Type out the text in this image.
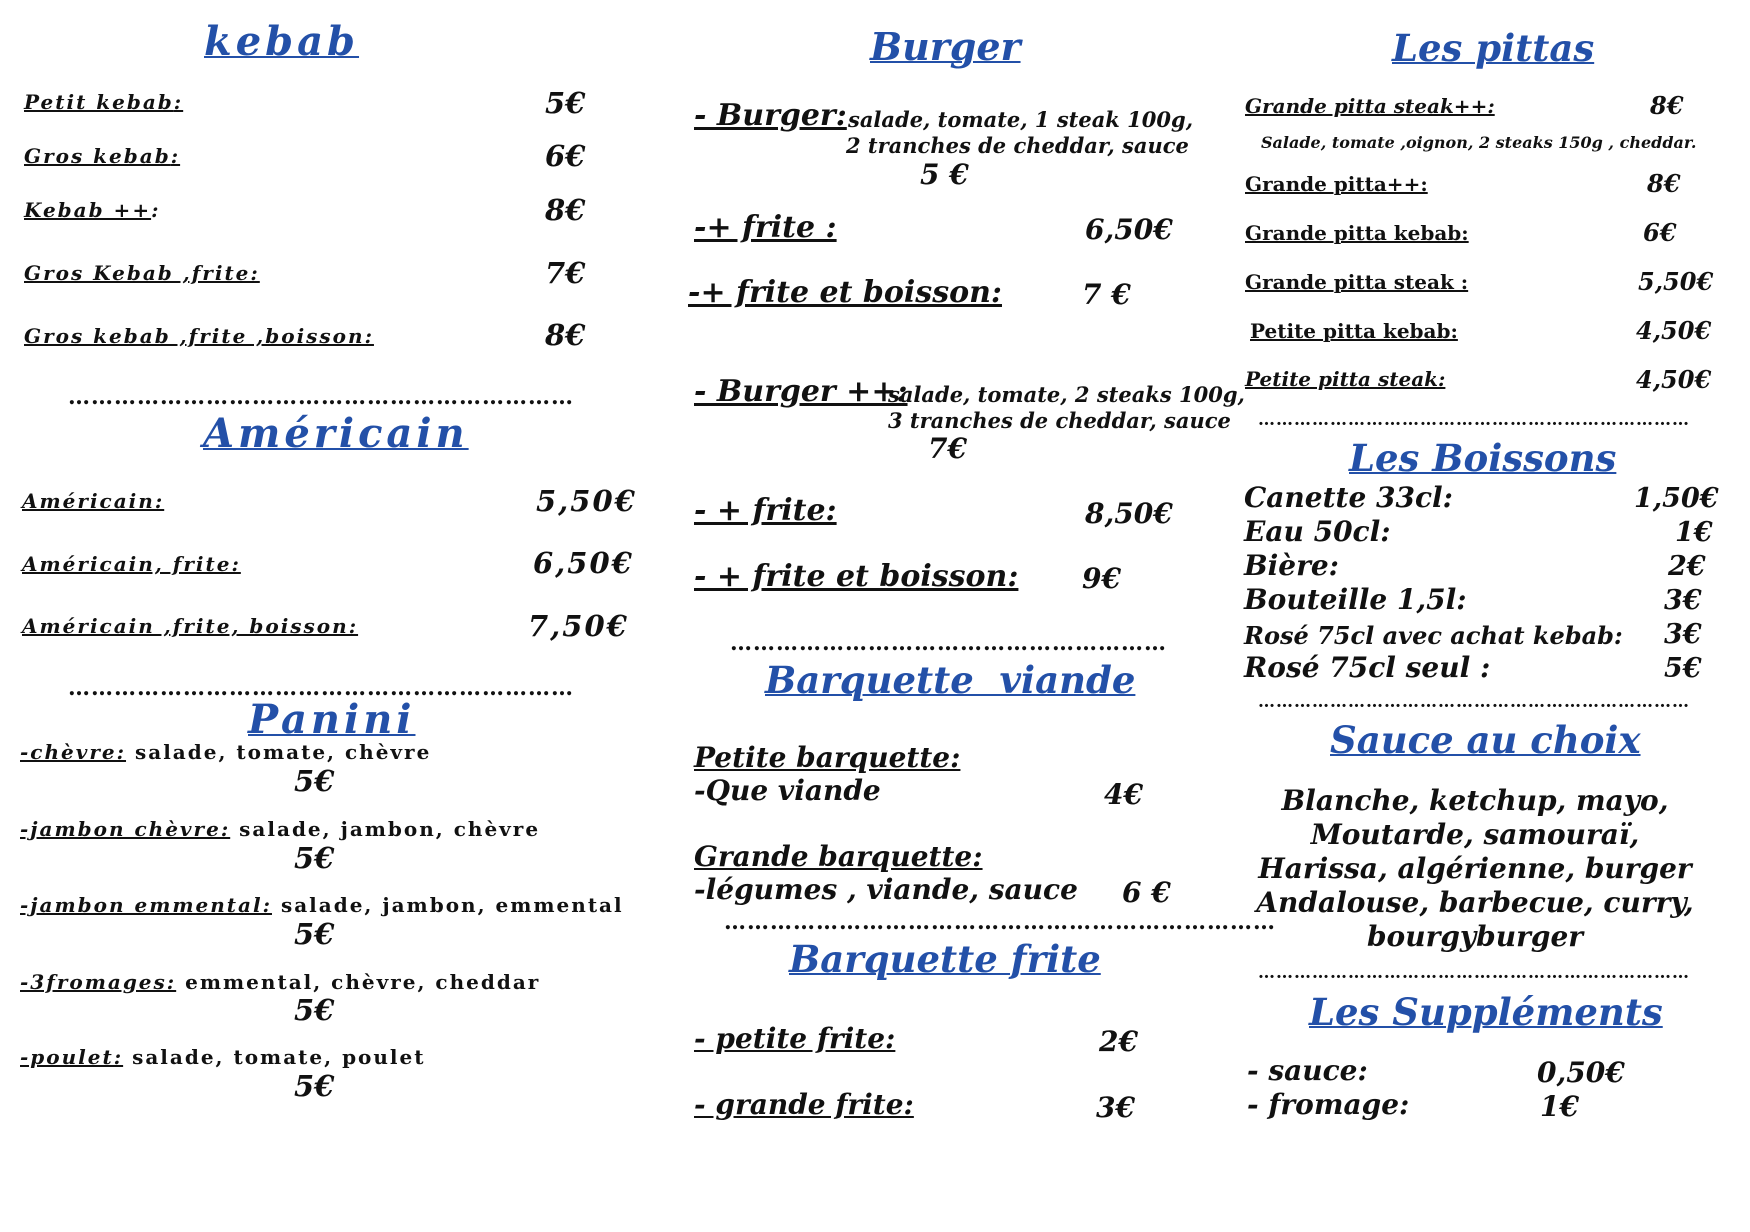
kebab
Petit kebab:	5€
Gros kebab:	6€
Kebab ++:	8€
Gros Kebab ,frite:	7€
Gros kebab ,frite ,boisson:	8€
…………………………………………………………
Américain
Américain:	5,50€
Américain, frite:	6,50€
Américain ,frite, boisson:	7,50€
…………………………………………………………
Panini
-chèvre: salade, tomate, chèvre
5€
-jambon chèvre: salade, jambon, chèvre
5€
-jambon emmental: salade, jambon, emmental
5€
-3fromages: emmental, chèvre, cheddar
5€
-poulet: salade, tomate, poulet
5€
Burger
- Burger: salade, tomate, 1 steak 100g,
2 tranches de cheddar, sauce
5 €
-+ frite :	6,50€
-+ frite et boisson:	7 €
- Burger ++:
salade, tomate, 2 steaks 100g,
3 tranches de cheddar, sauce
7€
- + frite:	8,50€
- + frite et boisson: 9€
…………………………………………………
Barquette  viande
Petite barquette:
-Que viande	4€
Grande barquette:
-légumes , viande, sauce 6 €
………………………………………………………………
Barquette frite
- petite frite:	2€
- grande frite:	3€
Les pittas
Grande pitta steak++:	8€
Salade, tomate ,oignon, 2 steaks 150g , cheddar.
Grande pitta++:	8€
Grande pitta kebab:	6€
Grande pitta steak :	5,50€
Petite pitta kebab:	4,50€
Petite pitta steak:	4,50€
………………………………………………………………
Les Boissons
Canette 33cl:	1,50€
Eau 50cl:	1€
Bière:	2€
Bouteille 1,5l:	3€
Rosé 75cl avec achat kebab: 3€
Rosé 75cl seul :	5€
………………………………………………………………
Sauce au choix
Blanche, ketchup, mayo,
Moutarde, samouraï,
Harissa, algérienne, burger
Andalouse, barbecue, curry,
bourgyburger
………………………………………………………………
Les Suppléments
- sauce:	0,50€
- fromage:	1€
